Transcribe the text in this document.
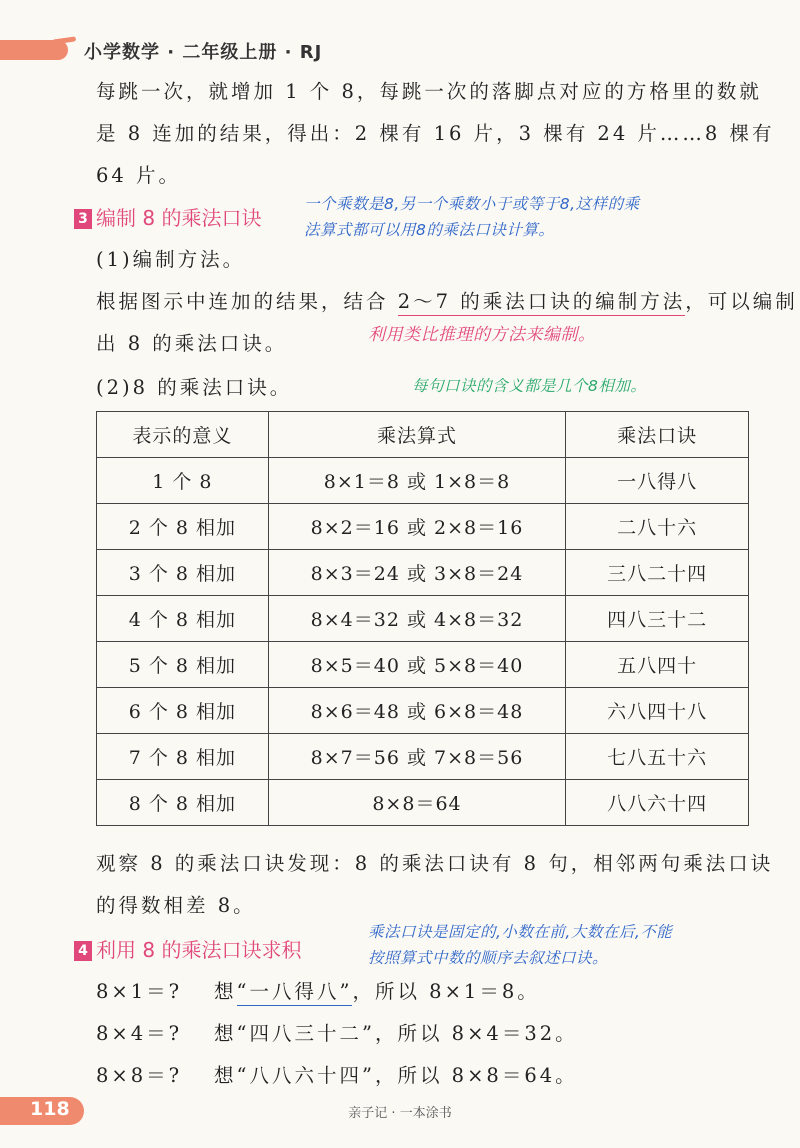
小学数学 · 二年级上册 · RJ
每跳一次，就增加 1 个 8，每跳一次的落脚点对应的方格里的数就
是 8 连加的结果，得出：2 棵有 16 片，3 棵有 24 片……8 棵有
64 片。
3 编制 8 的乘法口诀
一个乘数是8,另一个乘数小于或等于8,这样的乘
法算式都可以用8的乘法口诀计算。
(1)编制方法。
根据图示中连加的结果，结合 2～7 的乘法口诀的编制方法，可以编制
出 8 的乘法口诀。	利用类比推理的方法来编制。
(2)8 的乘法口诀。	每句口诀的含义都是几个8相加。
表示的意义	乘法算式	乘法口诀
1 个 8	8×1＝8 或 1×8＝8	一八得八
2 个 8 相加	8×2＝16 或 2×8＝16	二八十六
3 个 8 相加	8×3＝24 或 3×8＝24	三八二十四
4 个 8 相加	8×4＝32 或 4×8＝32	四八三十二
5 个 8 相加	8×5＝40 或 5×8＝40	五八四十
6 个 8 相加	8×6＝48 或 6×8＝48	六八四十八
7 个 8 相加	8×7＝56 或 7×8＝56	七八五十六
8 个 8 相加	8×8＝64	八八六十四
观察 8 的乘法口诀发现：8 的乘法口诀有 8 句，相邻两句乘法口诀
的得数相差 8。
4 利用 8 的乘法口诀求积
乘法口诀是固定的,小数在前,大数在后,不能
按照算式中数的顺序去叙述口诀。
8×1＝? 想“一八得八”，所以 8×1＝8。
8×4＝? 想“四八三十二”，所以 8×4＝32。
8×8＝? 想“八八六十四”，所以 8×8＝64。
118	亲子记 · 一本涂书
